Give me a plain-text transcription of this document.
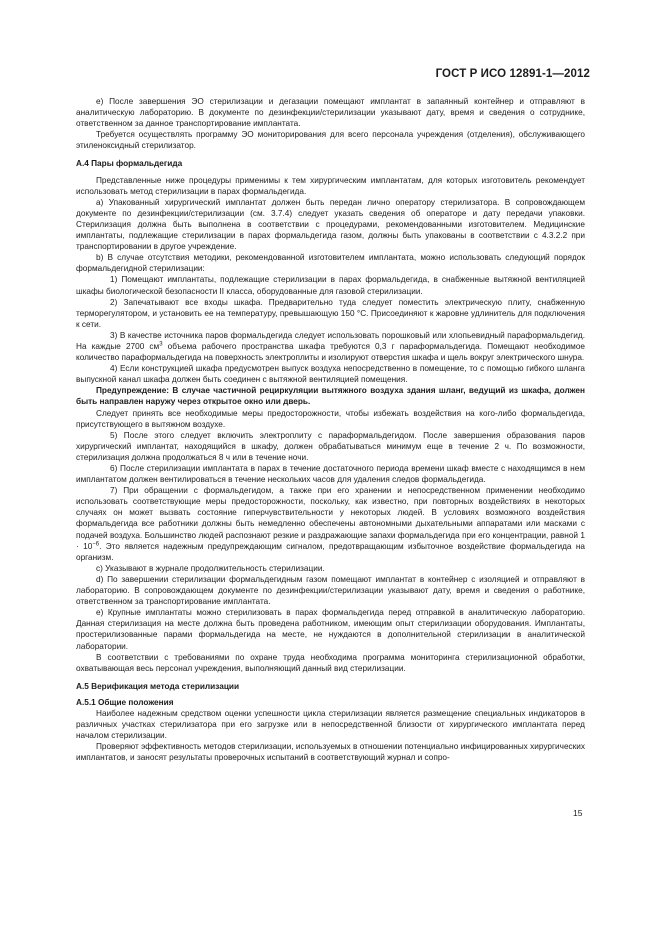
ГОСТ Р ИСО 12891-1—2012

е) После завершения ЭО стерилизации и дегазации помещают имплантат в запаянный контейнер и отправляют в аналитическую лабораторию. В документе по дезинфекции/стерилизации указывают дату, время и сведения о сотруднике, ответственном за данное транспортирование имплантата.

Требуется осуществлять программу ЭО мониторирования для всего персонала учреждения (отделения), обслуживающего этиленоксидный стерилизатор.

А.4 Пары формальдегида

Представленные ниже процедуры применимы к тем хирургическим имплантатам, для которых изготовитель рекомендует использовать метод стерилизации в парах формальдегида.

а) Упакованный хирургический имплантат должен быть передан лично оператору стерилизатора. В сопровождающем документе по дезинфекции/стерилизации (см. 3.7.4) следует указать сведения об операторе и дату передачи упаковки. Стерилизация должна быть выполнена в соответствии с процедурами, рекомендованными изготовителем. Медицинские имплантаты, подлежащие стерилизации в парах формальдегида газом, должны быть упакованы в соответствии с 4.3.2.2 при транспортировании в другое учреждение.

b) В случае отсутствия методики, рекомендованной изготовителем имплантата, можно использовать следующий порядок формальдегидной стерилизации:

1) Помещают имплантаты, подлежащие стерилизации в парах формальдегида, в снабженные вытяжной вентиляцией шкафы биологической безопасности II класса, оборудованные для газовой стерилизации.

2) Запечатывают все входы шкафа. Предварительно туда следует поместить электрическую плиту, снабженную терморегулятором, и установить ее на температуру, превышающую 150 °С. Присоединяют к жаровне удлинитель для подключения к сети.

3) В качестве источника паров формальдегида следует использовать порошковый или хлопьевидный параформальдегид. На каждые 2700 $см^3$ объема рабочего пространства шкафа требуются 0,3 г параформальдегида. Помещают необходимое количество параформальдегида на поверхность электроплиты и изолируют отверстия шкафа и щель вокруг электрического шнура.

4) Если конструкцией шкафа предусмотрен выпуск воздуха непосредственно в помещение, то с помощью гибкого шланга выпускной канал шкафа должен быть соединен с вытяжной вентиляцией помещения.

Предупреждение: В случае частичной рециркуляции вытяжного воздуха здания шланг, ведущий из шкафа, должен быть направлен наружу через открытое окно или дверь.

Следует принять все необходимые меры предосторожности, чтобы избежать воздействия на кого-либо формальдегида, присутствующего в вытяжном воздухе.

5) После этого следует включить электроплиту с параформальдегидом. После завершения образования паров хирургический имплантат, находящийся в шкафу, должен обрабатываться минимум еще в течение 2 ч. По возможности, стерилизация должна продолжаться 8 ч или в течение ночи.

6) После стерилизации имплантата в парах в течение достаточного периода времени шкаф вместе с находящимся в нем имплантатом должен вентилироваться в течение нескольких часов для удаления следов формальдегида.

7) При обращении с формальдегидом, а также при его хранении и непосредственном применении необходимо использовать соответствующие меры предосторожности, поскольку, как известно, при повторных воздействиях в некоторых случаях он может вызвать состояние гиперчувствительности у некоторых людей. В условиях возможного воздействия формальдегида все работники должны быть немедленно обеспечены автономными дыхательными аппаратами или масками с подачей воздуха. Большинство людей распознают резкие и раздражающие запахи формальдегида при его концентрации, равной $1 \cdot 10^{-6}$. Это является надежным предупреждающим сигналом, предотвращающим избыточное воздействие формальдегида на организм.

с) Указывают в журнале продолжительность стерилизации.

d) По завершении стерилизации формальдегидным газом помещают имплантат в контейнер с изоляцией и отправляют в лабораторию. В сопровождающем документе по дезинфекции/стерилизации указывают дату, время и сведения о работнике, ответственном за транспортирование имплантата.

е) Крупные имплантаты можно стерилизовать в парах формальдегида перед отправкой в аналитическую лабораторию. Данная стерилизация на месте должна быть проведена работником, имеющим опыт стерилизации оборудования. Имплантаты, простерилизованные парами формальдегида на месте, не нуждаются в дополнительной стерилизации в аналитической лаборатории.

В соответствии с требованиями по охране труда необходима программа мониторинга стерилизационной обработки, охватывающая весь персонал учреждения, выполняющий данный вид стерилизации.

А.5 Верификация метода стерилизации

А.5.1 Общие положения

Наиболее надежным средством оценки успешности цикла стерилизации является размещение специальных индикаторов в различных участках стерилизатора при его загрузке или в непосредственной близости от хирургического имплантата перед началом стерилизации.

Проверяют эффективность методов стерилизации, используемых в отношении потенциально инфицированных хирургических имплантатов, и заносят результаты проверочных испытаний в соответствующий журнал и сопро-

15
